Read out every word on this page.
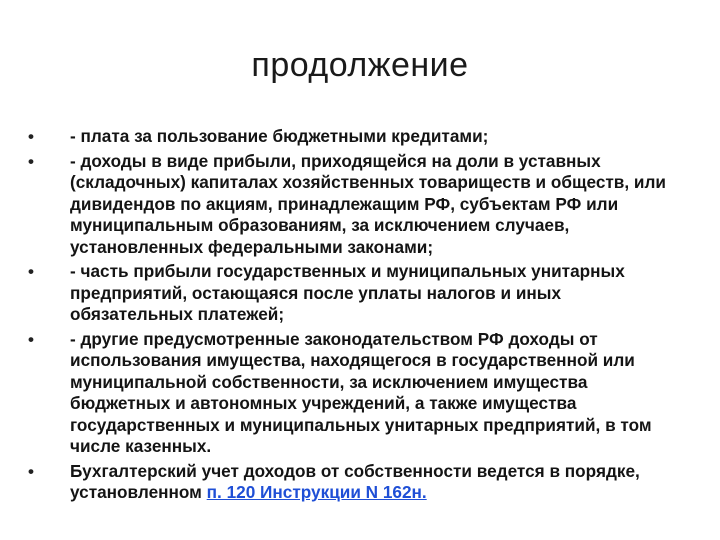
продолжение
• - плата за пользование бюджетными кредитами;
• - доходы в виде прибыли, приходящейся на доли в уставных (складочных) капиталах хозяйственных товариществ и обществ, или дивидендов по акциям, принадлежащим РФ, субъектам РФ или муниципальным образованиям, за исключением случаев, установленных федеральными законами;
• - часть прибыли государственных и муниципальных унитарных предприятий, остающаяся после уплаты налогов и иных обязательных платежей;
• - другие предусмотренные законодательством РФ доходы от использования имущества, находящегося в государственной или муниципальной собственности, за исключением имущества бюджетных и автономных учреждений, а также имущества государственных и муниципальных унитарных предприятий, в том числе казенных.
• Бухгалтерский учет доходов от собственности ведется в порядке, установленном п. 120 Инструкции N 162н.
